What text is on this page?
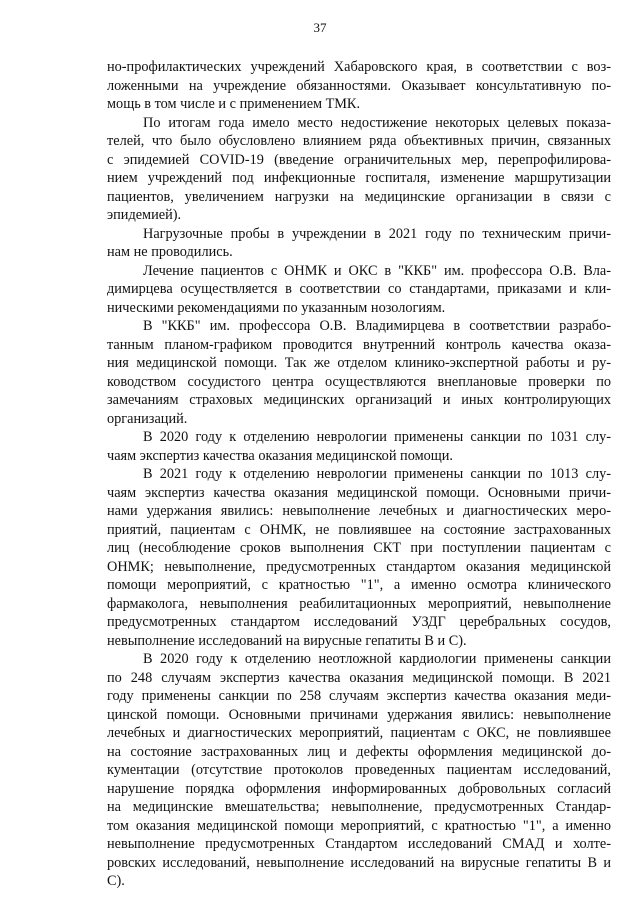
37
но-профилактических учреждений Хабаровского края, в соответствии с воз-
ложенными на учреждение обязанностями. Оказывает консультативную по-
мощь в том числе и с применением ТМК.
По итогам года имело место недостижение некоторых целевых показа-
телей, что было обусловлено влиянием ряда объективных причин, связанных
с эпидемией COVID-19 (введение ограничительных мер, перепрофилирова-
нием учреждений под инфекционные госпиталя, изменение маршрутизации
пациентов, увеличением нагрузки на медицинские организации в связи с
эпидемией).
Нагрузочные пробы в учреждении в 2021 году по техническим причи-
нам не проводились.
Лечение пациентов с ОНМК и ОКС в "ККБ" им. профессора О.В. Вла-
димирцева осуществляется в соответствии со стандартами, приказами и кли-
ническими рекомендациями по указанным нозологиям.
В "ККБ" им. профессора О.В. Владимирцева в соответствии разрабо-
танным планом-графиком проводится внутренний контроль качества оказа-
ния медицинской помощи. Так же отделом клинико-экспертной работы и ру-
ководством сосудистого центра осуществляются внеплановые проверки по
замечаниям страховых медицинских организаций и иных контролирующих
организаций.
В 2020 году к отделению неврологии применены санкции по 1031 слу-
чаям экспертиз качества оказания медицинской помощи.
В 2021 году к отделению неврологии применены санкции по 1013 слу-
чаям экспертиз качества оказания медицинской помощи. Основными причи-
нами удержания явились: невыполнение лечебных и диагностических меро-
приятий, пациентам с ОНМК, не повлиявшее на состояние застрахованных
лиц (несоблюдение сроков выполнения СКТ при поступлении пациентам с
ОНМК; невыполнение, предусмотренных стандартом оказания медицинской
помощи мероприятий, с кратностью "1", а именно осмотра клинического
фармаколога, невыполнения реабилитационных мероприятий, невыполнение
предусмотренных стандартом исследований УЗДГ церебральных сосудов,
невыполнение исследований на вирусные гепатиты В и С).
В 2020 году к отделению неотложной кардиологии применены санкции
по 248 случаям экспертиз качества оказания медицинской помощи. В 2021
году применены санкции по 258 случаям экспертиз качества оказания меди-
цинской помощи. Основными причинами удержания явились: невыполнение
лечебных и диагностических мероприятий, пациентам с ОКС, не повлиявшее
на состояние застрахованных лиц и дефекты оформления медицинской до-
кументации (отсутствие протоколов проведенных пациентам исследований,
нарушение порядка оформления информированных добровольных согласий
на медицинские вмешательства; невыполнение, предусмотренных Стандар-
том оказания медицинской помощи мероприятий, с кратностью "1", а именно
невыполнение предусмотренных Стандартом исследований СМАД и холте-
ровских исследований, невыполнение исследований на вирусные гепатиты В и
С).
